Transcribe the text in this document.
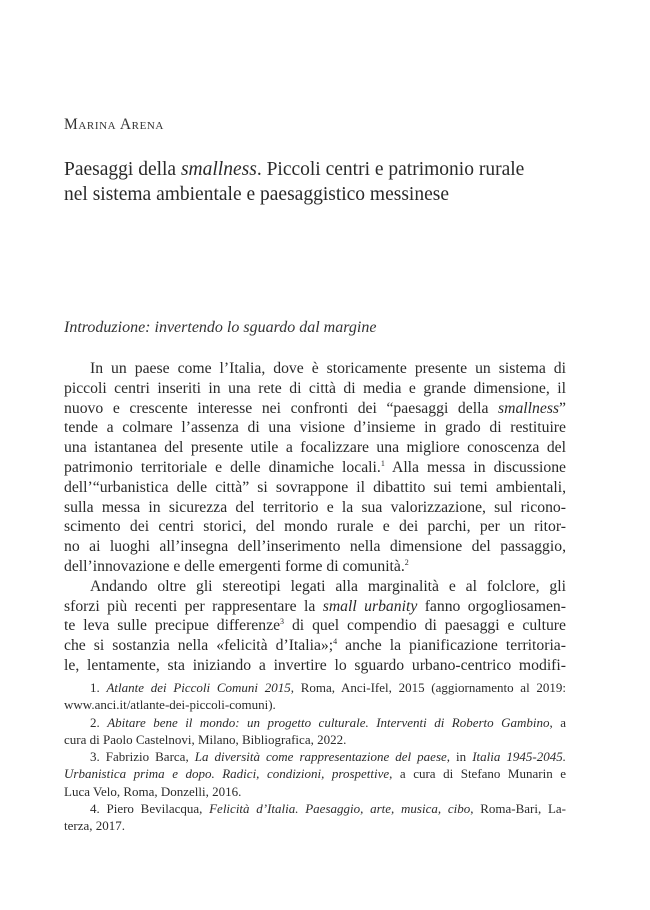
Marina Arena
Paesaggi della smallness. Piccoli centri e patrimonio rurale
nel sistema ambientale e paesaggistico messinese
Introduzione: invertendo lo sguardo dal margine
In un paese come l’Italia, dove è storicamente presente un sistema di
piccoli centri inseriti in una rete di città di media e grande dimensione, il
nuovo e crescente interesse nei confronti dei “paesaggi della smallness”
tende a colmare l’assenza di una visione d’insieme in grado di restituire
una istantanea del presente utile a focalizzare una migliore conoscenza del
patrimonio territoriale e delle dinamiche locali.$^1$ Alla messa in discussione
dell’“urbanistica delle città” si sovrappone il dibattito sui temi ambientali,
sulla messa in sicurezza del territorio e la sua valorizzazione, sul ricono-
scimento dei centri storici, del mondo rurale e dei parchi, per un ritor-
no ai luoghi all’insegna dell’inserimento nella dimensione del passaggio,
dell’innovazione e delle emergenti forme di comunità.$^2$
Andando oltre gli stereotipi legati alla marginalità e al folclore, gli
sforzi più recenti per rappresentare la small urbanity fanno orgogliosamen-
te leva sulle precipue differenze$^3$ di quel compendio di paesaggi e culture
che si sostanzia nella «felicità d’Italia»;$^4$ anche la pianificazione territoria-
le, lentamente, sta iniziando a invertire lo sguardo urbano-centrico modifi-
1. Atlante dei Piccoli Comuni 2015, Roma, Anci-Ifel, 2015 (aggiornamento al 2019:
www.anci.it/atlante-dei-piccoli-comuni).
2. Abitare bene il mondo: un progetto culturale. Interventi di Roberto Gambino, a
cura di Paolo Castelnovi, Milano, Bibliografica, 2022.
3. Fabrizio Barca, La diversità come rappresentazione del paese, in Italia 1945-2045.
Urbanistica prima e dopo. Radici, condizioni, prospettive, a cura di Stefano Munarin e
Luca Velo, Roma, Donzelli, 2016.
4. Piero Bevilacqua, Felicità d’Italia. Paesaggio, arte, musica, cibo, Roma-Bari, La-
terza, 2017.
